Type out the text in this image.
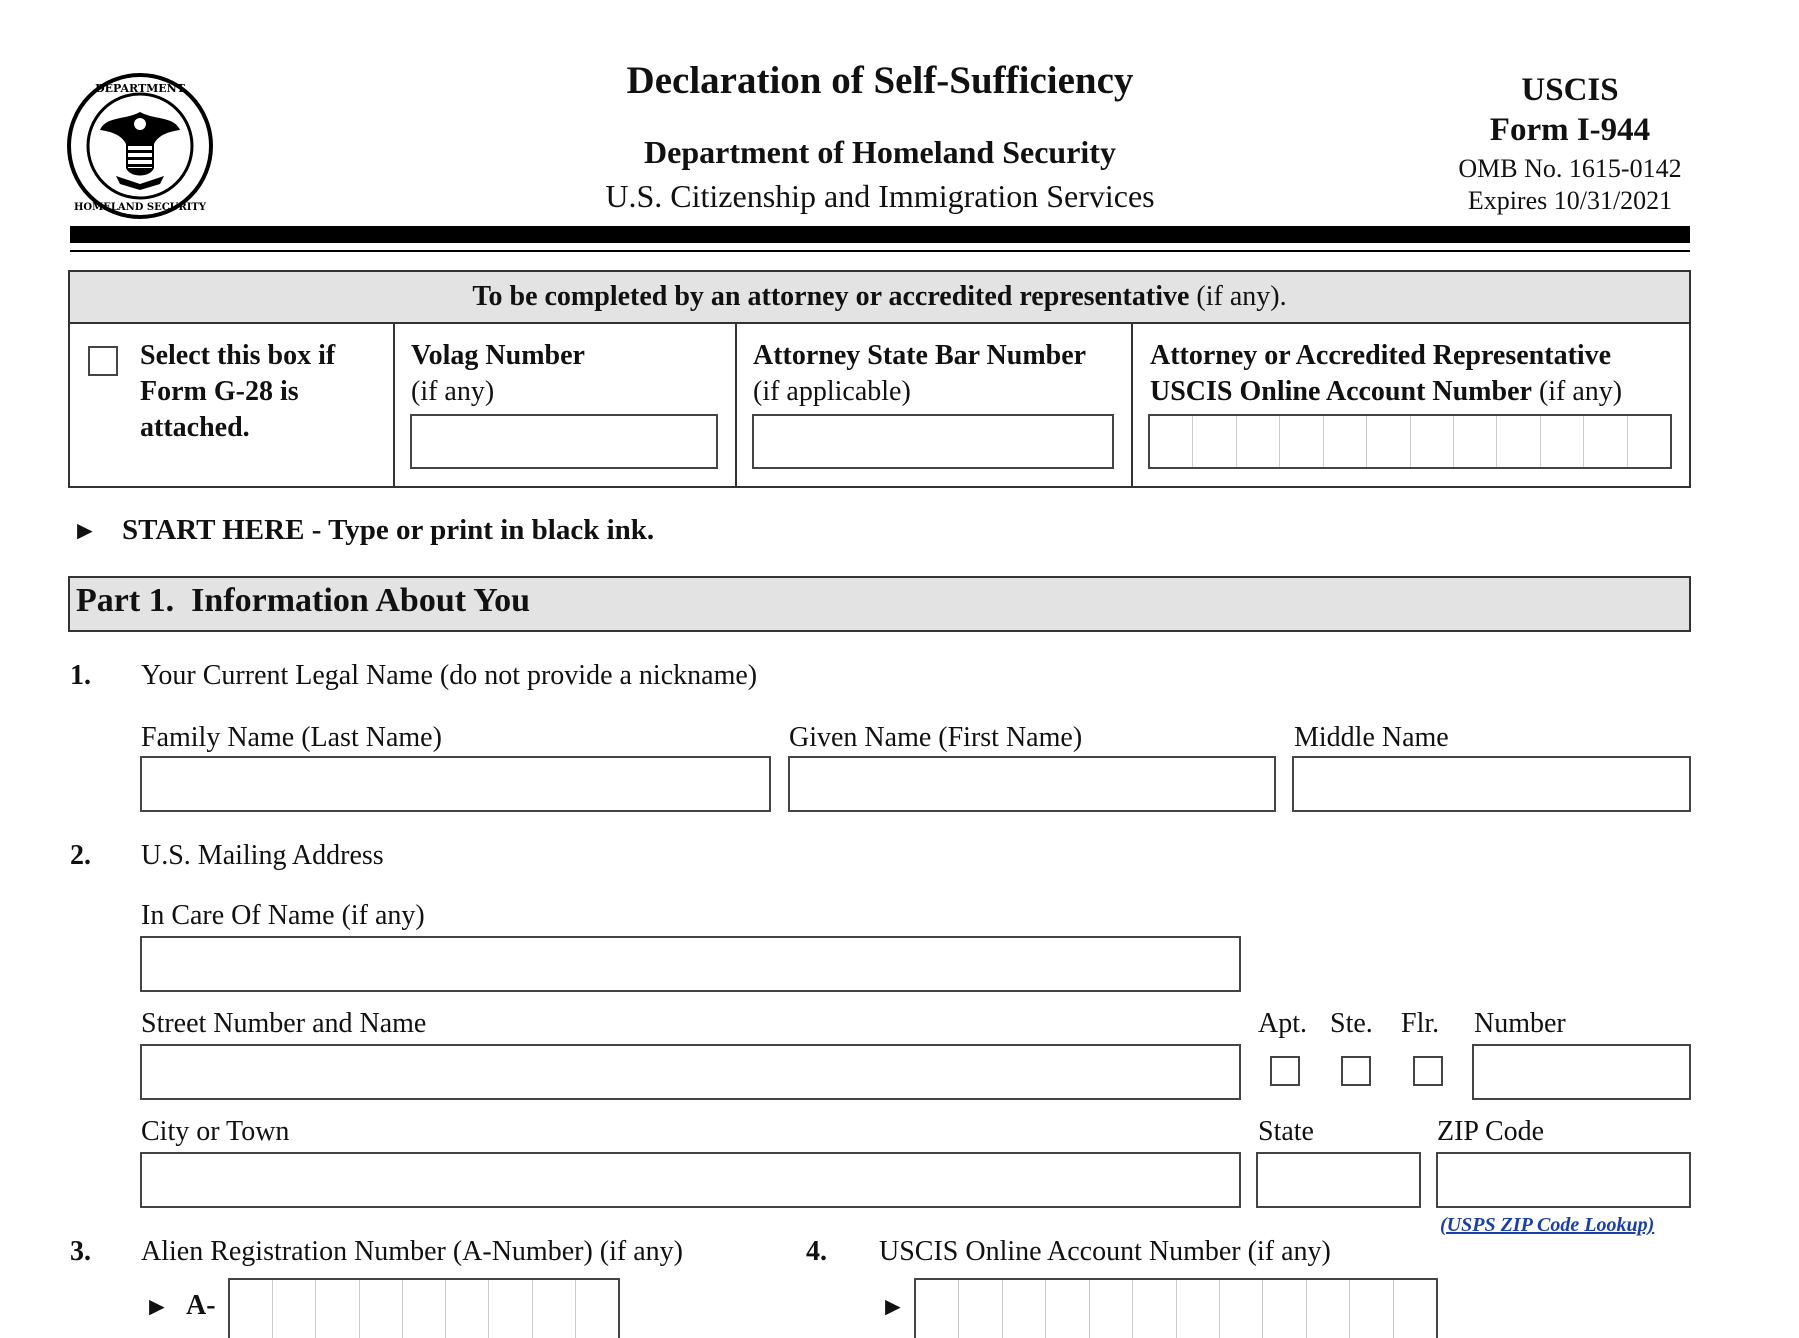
DEPARTMENT
HOMELAND SECURITY
Declaration of Self-Sufficiency
Department of Homeland Security
U.S. Citizenship and Immigration Services
USCIS
Form I-944
OMB No. 1615-0142
Expires 10/31/2021
To be completed by an attorney or accredited representative (if any).
Select this box if
Form G-28 is
attached.
Volag Number
(if any)
Attorney State Bar Number
(if applicable)
Attorney or Accredited Representative
USCIS Online Account Number (if any)
► START HERE - Type or print in black ink.
Part 1.  Information About You
1. Your Current Legal Name (do not provide a nickname)
Family Name (Last Name)	Given Name (First Name)	Middle Name
2. U.S. Mailing Address
In Care Of Name (if any)
Street Number and Name	Apt. Ste. Flr. Number
City or Town	State	ZIP Code
(USPS ZIP Code Lookup)
3. Alien Registration Number (A-Number) (if any)
► A-
4. USCIS Online Account Number (if any)
►
